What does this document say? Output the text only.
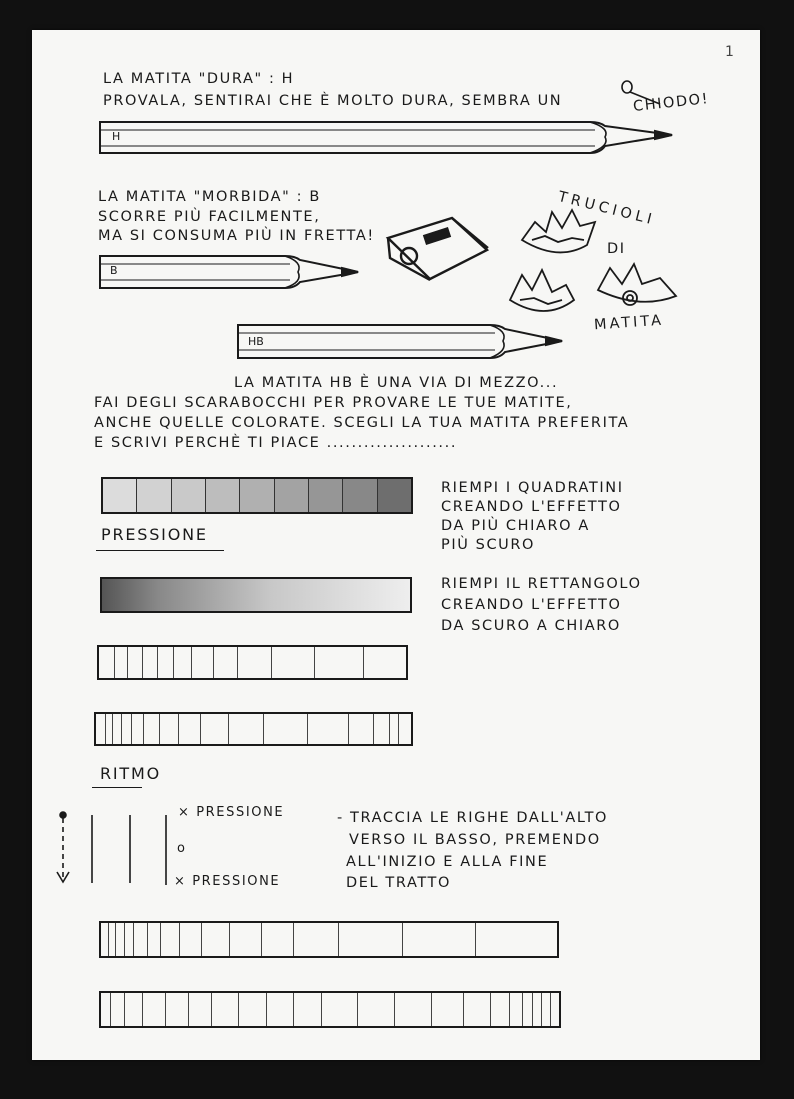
1
LA MATITA "DURA" : H
PROVALA, SENTIRAI CHE È MOLTO DURA, SEMBRA UN	CHIODO!
H
LA MATITA "MORBIDA" : B
SCORRE PIÙ FACILMENTE,
MA SI CONSUMA PIÙ IN FRETTA!
B
TRUCIOLI
DI
MATITA
HB
LA MATITA HB È UNA VIA DI MEZZO...
FAI DEGLI SCARABOCCHI PER PROVARE LE TUE MATITE,
ANCHE QUELLE COLORATE. SCEGLI LA TUA MATITA PREFERITA
E SCRIVI PERCHÈ TI PIACE .....................
RIEMPI I QUADRATINI
CREANDO L'EFFETTO
DA PIÙ CHIARO A
PIÙ SCURO
PRESSIONE
RIEMPI IL RETTANGOLO
CREANDO L'EFFETTO
DA SCURO A CHIARO
RITMO
× PRESSIONE
o
× PRESSIONE
- TRACCIA LE RIGHE DALL'ALTO
VERSO IL BASSO, PREMENDO
ALL'INIZIO E ALLA FINE
DEL TRATTO
